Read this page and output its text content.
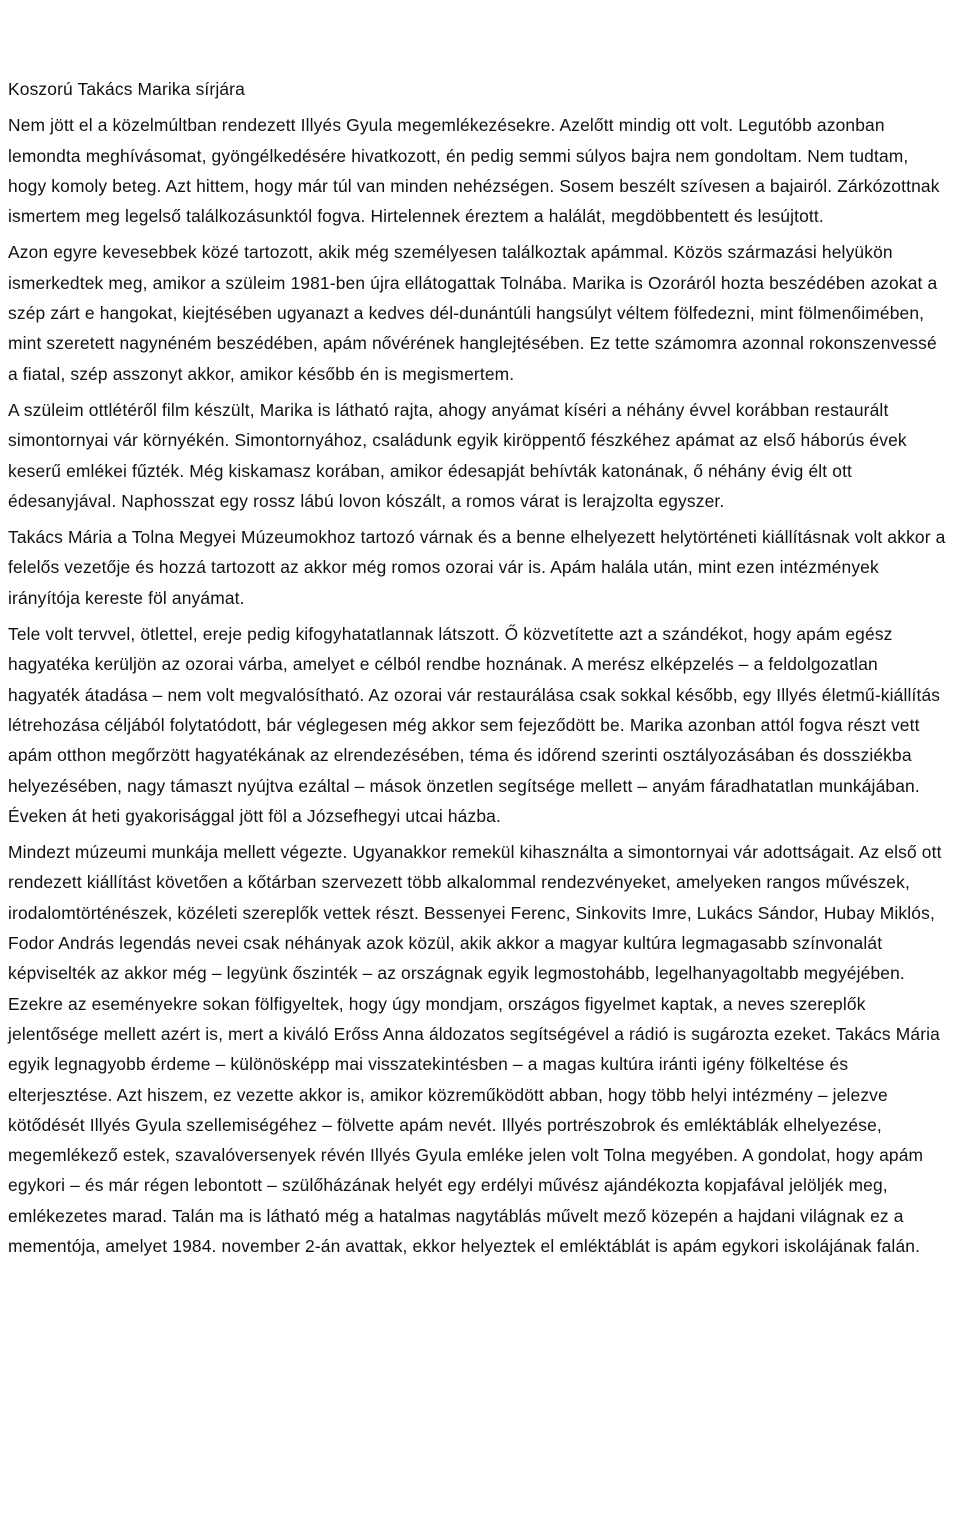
Koszorú Takács Marika sírjára

Nem jött el a közelmúltban rendezett Illyés Gyula megemlékezésekre. Azelőtt mindig ott volt. Legutóbb azonban lemondta meghívásomat, gyöngélkedésére hivatkozott, én pedig semmi súlyos bajra nem gondoltam. Nem tudtam, hogy komoly beteg. Azt hittem, hogy már túl van minden nehézségen. Sosem beszélt szívesen a bajairól. Zárkózottnak ismertem meg legelső találkozásunktól fogva. Hirtelennek éreztem a halálát, megdöbbentett és lesújtott.

Azon egyre kevesebbek közé tartozott, akik még személyesen találkoztak apámmal. Közös származási helyükön ismerkedtek meg, amikor a szüleim 1981-ben újra ellátogattak Tolnába. Marika is Ozoráról hozta beszédében azokat a szép zárt e hangokat, kiejtésében ugyanazt a kedves dél-dunántúli hangsúlyt véltem fölfedezni, mint fölmenőimében, mint szeretett nagynéném beszédében, apám nővérének hanglejtésében. Ez tette számomra azonnal rokonszenvessé a fiatal, szép asszonyt akkor, amikor később én is megismertem.

A szüleim ottlétéről film készült, Marika is látható rajta, ahogy anyámat kíséri a néhány évvel korábban restaurált simontornyai vár környékén. Simontornyához, családunk egyik kiröppentő fészkéhez apámat az első háborús évek keserű emlékei fűzték. Még kiskamasz korában, amikor édesapját behívták katonának, ő néhány évig élt ott édesanyjával. Naphosszat egy rossz lábú lovon kószált, a romos várat is lerajzolta egyszer.

Takács Mária a Tolna Megyei Múzeumokhoz tartozó várnak és a benne elhelyezett helytörténeti kiállításnak volt akkor a felelős vezetője és hozzá tartozott az akkor még romos ozorai vár is. Apám halála után, mint ezen intézmények irányítója kereste föl anyámat.

Tele volt tervvel, ötlettel, ereje pedig kifogyhatatlannak látszott. Ő közvetítette azt a szándékot, hogy apám egész hagyatéka kerüljön az ozorai várba, amelyet e célból rendbe hoznának. A merész elképzelés – a feldolgozatlan hagyaték átadása – nem volt megvalósítható. Az ozorai vár restaurálása csak sokkal később, egy Illyés életmű-kiállítás létrehozása céljából folytatódott, bár véglegesen még akkor sem fejeződött be. Marika azonban attól fogva részt vett apám otthon megőrzött hagyatékának az elrendezésében, téma és időrend szerinti osztályozásában és dossziékba helyezésében, nagy támaszt nyújtva ezáltal – mások önzetlen segítsége mellett – anyám fáradhatatlan munkájában. Éveken át heti gyakorisággal jött föl a Józsefhegyi utcai házba.

Mindezt múzeumi munkája mellett végezte. Ugyanakkor remekül kihasználta a simontornyai vár adottságait. Az első ott rendezett kiállítást követően a kőtárban szervezett több alkalommal rendezvényeket, amelyeken rangos művészek, irodalomtörténészek, közéleti szereplők vettek részt. Bessenyei Ferenc, Sinkovits Imre, Lukács Sándor, Hubay Miklós, Fodor András legendás nevei csak néhányak azok közül, akik akkor a magyar kultúra legmagasabb színvonalát képviselték az akkor még – legyünk őszinték – az országnak egyik legmostohább, legelhanyagoltabb megyéjében. Ezekre az eseményekre sokan fölfigyeltek, hogy úgy mondjam, országos figyelmet kaptak, a neves szereplők jelentősége mellett azért is, mert a kiváló Erőss Anna áldozatos segítségével a rádió is sugározta ezeket. Takács Mária egyik legnagyobb érdeme – különösképp mai visszatekintésben – a magas kultúra iránti igény fölkeltése és elterjesztése. Azt hiszem, ez vezette akkor is, amikor közreműködött abban, hogy több helyi intézmény – jelezve kötődését Illyés Gyula szellemiségéhez – fölvette apám nevét. Illyés portrészobrok és emléktáblák elhelyezése, megemlékező estek, szavalóversenyek révén Illyés Gyula emléke jelen volt Tolna megyében. A gondolat, hogy apám egykori – és már régen lebontott – szülőházának helyét egy erdélyi művész ajándékozta kopjafával jelöljék meg, emlékezetes marad. Talán ma is látható még a hatalmas nagytáblás művelt mező közepén a hajdani világnak ez a mementója, amelyet 1984. november 2-án avattak, ekkor helyeztek el emléktáblát is apám egykori iskolájának falán.
